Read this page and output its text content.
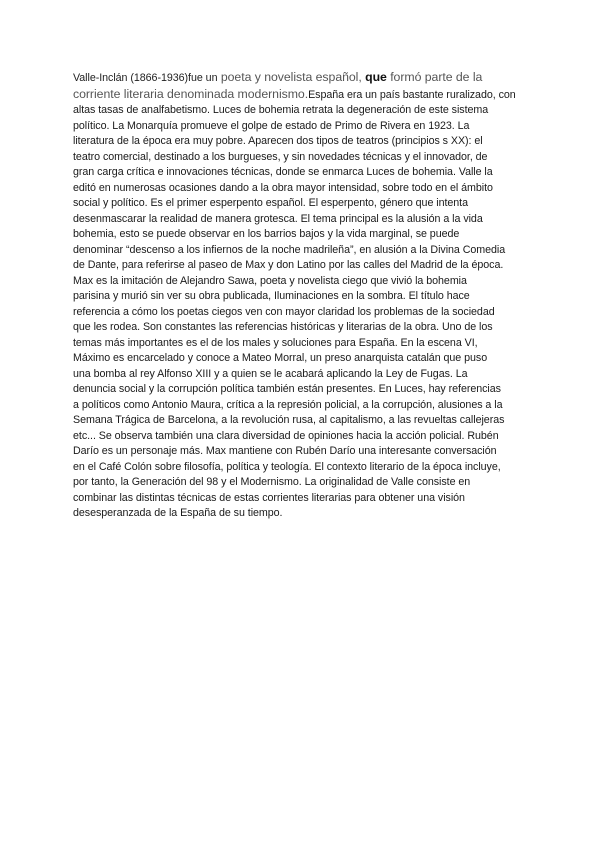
Valle-Inclán (1866-1936)fue un poeta y novelista español, que formó parte de la
corriente literaria denominada modernismo.España era un país bastante ruralizado, con
altas tasas de analfabetismo. Luces de bohemia retrata la degeneración de este sistema
político. La Monarquía promueve el golpe de estado de Primo de Rivera en 1923. La
literatura de la época era muy pobre. Aparecen dos tipos de teatros (principios s XX): el
teatro comercial, destinado a los burgueses, y sin novedades técnicas y el innovador, de
gran carga crítica e innovaciones técnicas, donde se enmarca Luces de bohemia. Valle la
editó en numerosas ocasiones dando a la obra mayor intensidad, sobre todo en el ámbito
social y político. Es el primer esperpento español. El esperpento, género que intenta
desenmascarar la realidad de manera grotesca. El tema principal es la alusión a la vida
bohemia, esto se puede observar en los barrios bajos y la vida marginal, se puede
denominar “descenso a los infiernos de la noche madrileña”, en alusión a la Divina Comedia
de Dante, para referirse al paseo de Max y don Latino por las calles del Madrid de la época.
Max es la imitación de Alejandro Sawa, poeta y novelista ciego que vivió la bohemia
parisina y murió sin ver su obra publicada, Iluminaciones en la sombra. El título hace
referencia a cómo los poetas ciegos ven con mayor claridad los problemas de la sociedad
que les rodea. Son constantes las referencias históricas y literarias de la obra. Uno de los
temas más importantes es el de los males y soluciones para España. En la escena VI,
Máximo es encarcelado y conoce a Mateo Morral, un preso anarquista catalán que puso
una bomba al rey Alfonso XIII y a quien se le acabará aplicando la Ley de Fugas. La
denuncia social y la corrupción política también están presentes. En Luces, hay referencias
a políticos como Antonio Maura, crítica a la represión policial, a la corrupción, alusiones a la
Semana Trágica de Barcelona, a la revolución rusa, al capitalismo, a las revueltas callejeras
etc... Se observa también una clara diversidad de opiniones hacia la acción policial. Rubén
Darío es un personaje más. Max mantiene con Rubén Darío una interesante conversación
en el Café Colón sobre filosofía, política y teología. El contexto literario de la época incluye,
por tanto, la Generación del 98 y el Modernismo. La originalidad de Valle consiste en
combinar las distintas técnicas de estas corrientes literarias para obtener una visión
desesperanzada de la España de su tiempo.
